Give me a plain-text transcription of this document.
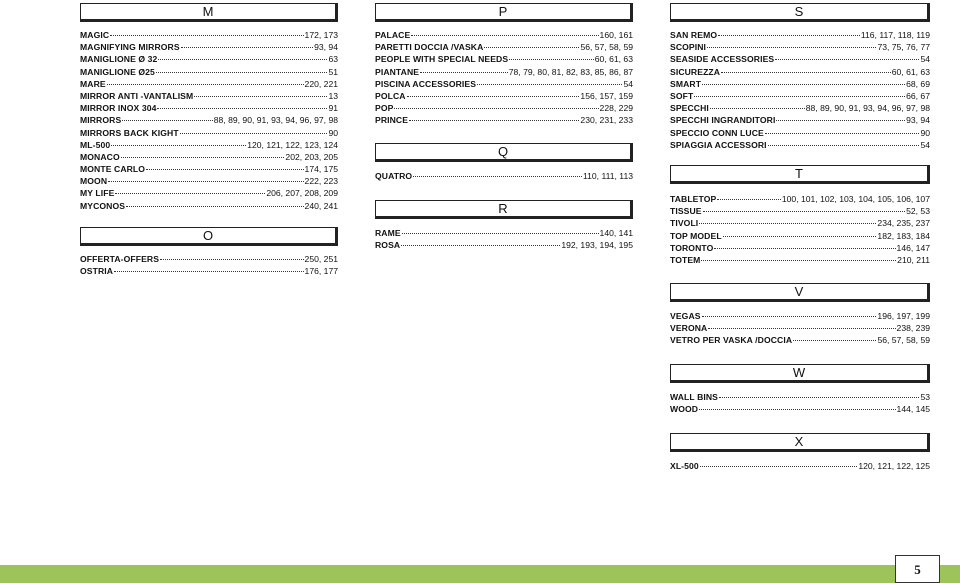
M
MAGIC	172, 173
MAGNIFYING MIRRORS	93, 94
MANIGLIONE Ø 32	63
MANIGLIONE Ø25	51
MARE	220, 221
MIRROR ANTI -VANTALISM	13
MIRROR INOX 304	91
MIRRORS	88, 89, 90, 91, 93, 94, 96, 97, 98
MIRRORS BACK KIGHT	90
ML-500	120, 121, 122, 123, 124
MONACO	202, 203, 205
MONTE CARLO	174, 175
MOON	222, 223
MY LIFE	206, 207, 208, 209
MYCONOS	240, 241
O
OFFERTA-OFFERS	250, 251
OSTRIA	176, 177
P
PALACE	160, 161
PARETTI DOCCIA /VASKA	56, 57, 58, 59
PEOPLE WITH SPECIAL NEEDS	60, 61, 63
PIANTANE	78, 79, 80, 81, 82, 83, 85, 86, 87
PISCINA ACCESSORIES	54
POLCA	156, 157, 159
POP	228, 229
PRINCE	230, 231, 233
Q
QUATRO	110, 111, 113
R
RAME	140, 141
ROSA	192, 193, 194, 195
S
SAN REMO	116, 117, 118, 119
SCOPINI	73, 75, 76, 77
SEASIDE ACCESSORIES	54
SICUREZZA	60, 61, 63
SMART	68, 69
SOFT	66, 67
SPECCHI	88, 89, 90, 91, 93, 94, 96, 97, 98
SPECCHI INGRANDITORI	93, 94
SPECCIO CONN LUCE	90
SPIAGGIA ACCESSORI	54
T
TABLETOP	100, 101, 102, 103, 104, 105, 106, 107
TISSUE	52, 53
TIVOLI	234, 235, 237
TOP MODEL	182, 183, 184
TORONTO	146, 147
TOTEM	210, 211
V
VEGAS	196, 197, 199
VERONA	238, 239
VETRO PER VASKA /DOCCIA	56, 57, 58, 59
W
WALL BINS	53
WOOD	144, 145
X
XL-500	120, 121, 122, 125
5
